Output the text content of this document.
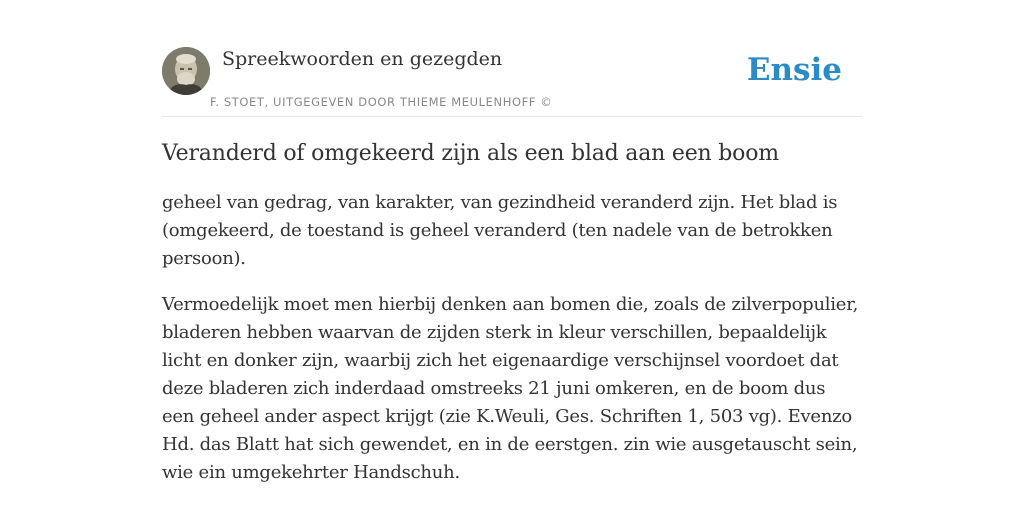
Spreekwoorden en gezegden
F. STOET, UITGEGEVEN DOOR THIEME MEULENHOFF ©
Ensie
Veranderd of omgekeerd zijn als een blad aan een boom

geheel van gedrag, van karakter, van gezindheid veranderd zijn. Het blad is (omgekeerd, de toestand is geheel veranderd (ten nadele van de betrokken persoon).

Vermoedelijk moet men hierbij denken aan bomen die, zoals de zilverpopulier, bladeren hebben waarvan de zijden sterk in kleur verschillen, bepaaldelijk licht en donker zijn, waarbij zich het eigenaardige verschijnsel voordoet dat deze bladeren zich inderdaad omstreeks 21 juni omkeren, en de boom dus een geheel ander aspect krijgt (zie K.Weuli, Ges. Schriften 1, 503 vg). Evenzo Hd. das Blatt hat sich gewendet, en in de eerstgen. zin wie ausgetauscht sein, wie ein umgekehrter Handschuh.
